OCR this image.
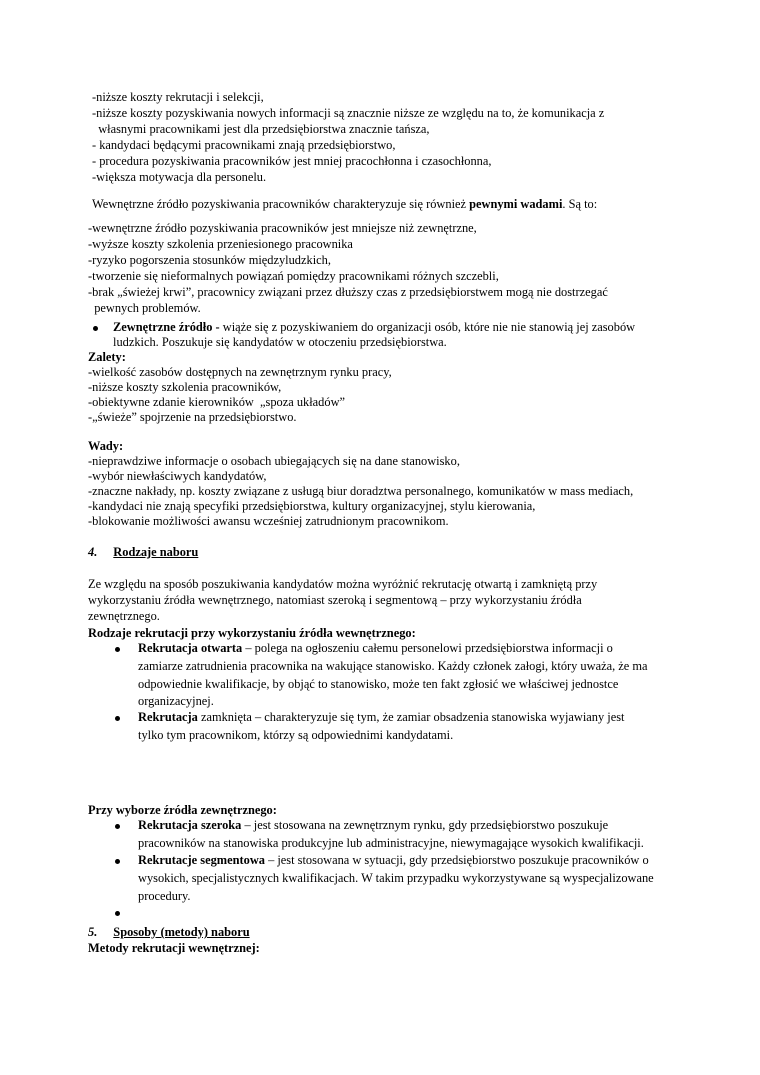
-niższe koszty rekrutacji i selekcji,
-niższe koszty pozyskiwania nowych informacji są znacznie niższe ze względu na to, że komunikacja z
własnymi pracownikami jest dla przedsiębiorstwa znacznie tańsza,
- kandydaci będącymi pracownikami znają przedsiębiorstwo,
- procedura pozyskiwania pracowników jest mniej pracochłonna i czasochłonna,
-większa motywacja dla personelu.
Wewnętrzne źródło pozyskiwania pracowników charakteryzuje się również pewnymi wadami. Są to:
-wewnętrzne źródło pozyskiwania pracowników jest mniejsze niż zewnętrzne,
-wyższe koszty szkolenia przeniesionego pracownika
-ryzyko pogorszenia stosunków międzyludzkich,
-tworzenie się nieformalnych powiązań pomiędzy pracownikami różnych szczebli,
-brak „świeżej krwi”, pracownicy związani przez dłuższy czas z przedsiębiorstwem mogą nie dostrzegać
pewnych problemów.
Zewnętrzne źródło - wiąże się z pozyskiwaniem do organizacji osób, które nie nie stanowią jej zasobów
ludzkich. Poszukuje się kandydatów w otoczeniu przedsiębiorstwa.
Zalety:
-wielkość zasobów dostępnych na zewnętrznym rynku pracy,
-niższe koszty szkolenia pracowników,
-obiektywne zdanie kierowników  „spoza układów”
-„świeże” spojrzenie na przedsiębiorstwo.
Wady:
-nieprawdziwe informacje o osobach ubiegających się na dane stanowisko,
-wybór niewłaściwych kandydatów,
-znaczne nakłady, np. koszty związane z usługą biur doradztwa personalnego, komunikatów w mass mediach,
-kandydaci nie znają specyfiki przedsiębiorstwa, kultury organizacyjnej, stylu kierowania,
-blokowanie możliwości awansu wcześniej zatrudnionym pracownikom.
4. Rodzaje naboru
Ze względu na sposób poszukiwania kandydatów można wyróżnić rekrutację otwartą i zamkniętą przy
wykorzystaniu źródła wewnętrznego, natomiast szeroką i segmentową – przy wykorzystaniu źródła
zewnętrznego.
Rodzaje rekrutacji przy wykorzystaniu źródła wewnętrznego:
Rekrutacja otwarta – polega na ogłoszeniu całemu personelowi przedsiębiorstwa informacji o
zamiarze zatrudnienia pracownika na wakujące stanowisko. Każdy członek załogi, który uważa, że ma
odpowiednie kwalifikacje, by objąć to stanowisko, może ten fakt zgłosić we właściwej jednostce
organizacyjnej.
Rekrutacja zamknięta – charakteryzuje się tym, że zamiar obsadzenia stanowiska wyjawiany jest
tylko tym pracownikom, którzy są odpowiednimi kandydatami.
Przy wyborze źródła zewnętrznego:
Rekrutacja szeroka – jest stosowana na zewnętrznym rynku, gdy przedsiębiorstwo poszukuje
pracowników na stanowiska produkcyjne lub administracyjne, niewymagające wysokich kwalifikacji.
Rekrutacje segmentowa – jest stosowana w sytuacji, gdy przedsiębiorstwo poszukuje pracowników o
wysokich, specjalistycznych kwalifikacjach. W takim przypadku wykorzystywane są wyspecjalizowane
procedury.
5. Sposoby (metody) naboru
Metody rekrutacji wewnętrznej:
